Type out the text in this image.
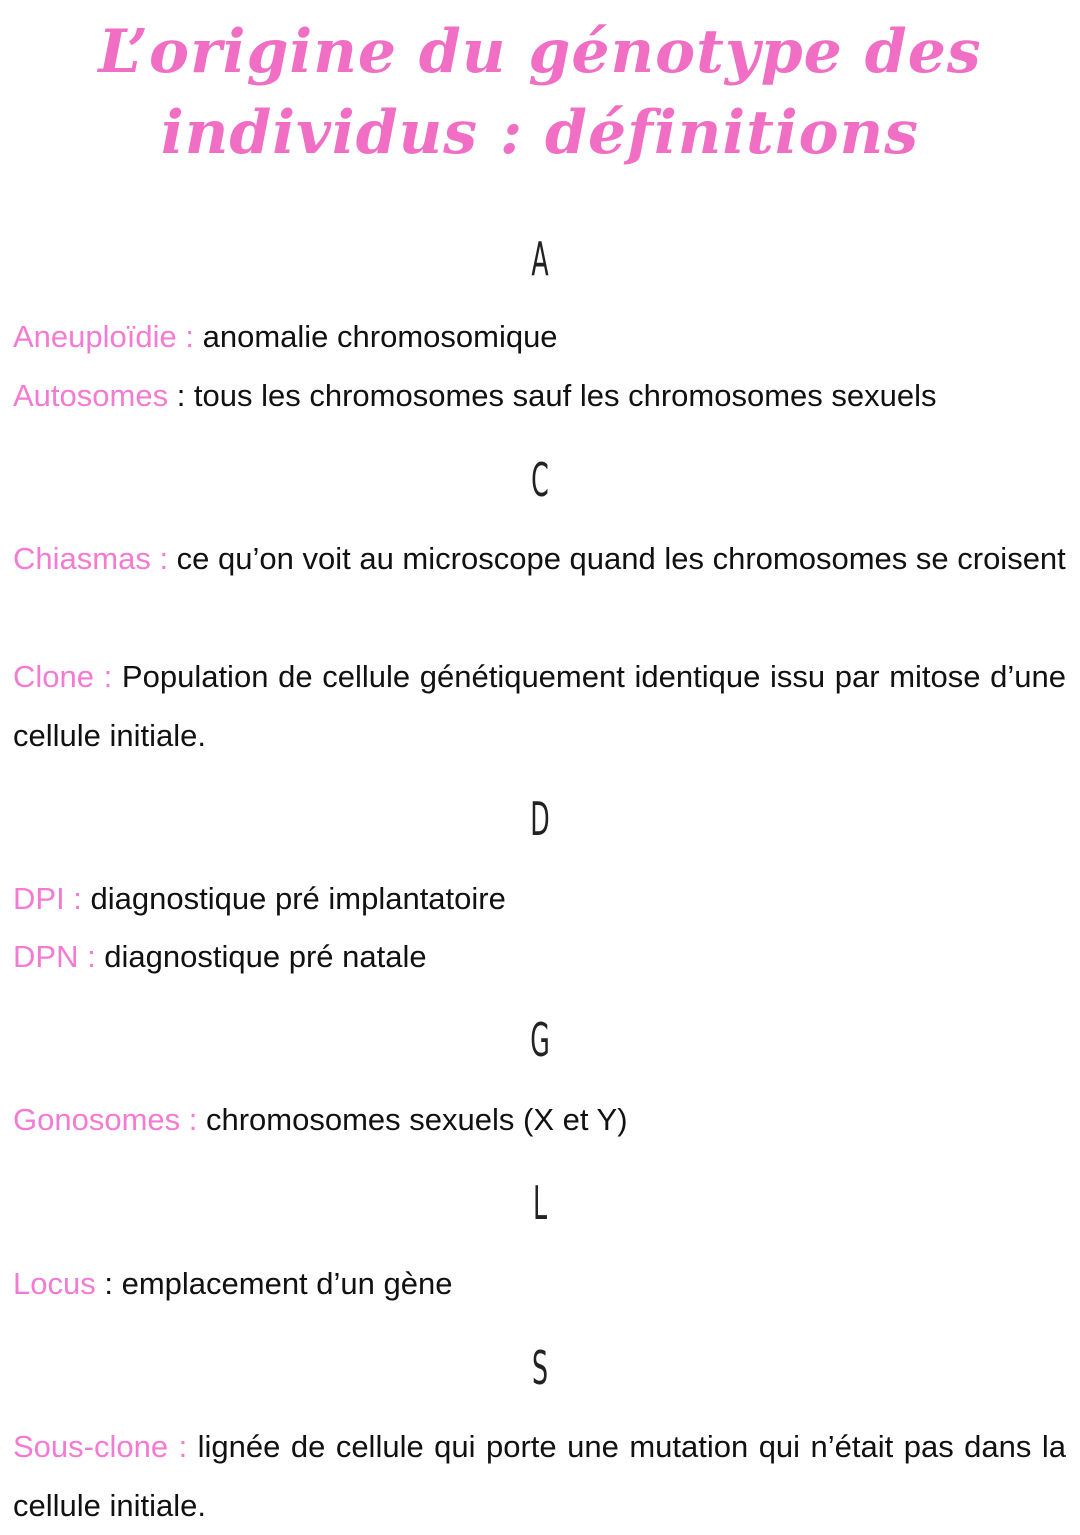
L’origine du génotype des
individus : définitions
A

Aneuploïdie : anomalie chromosomique

Autosomes : tous les chromosomes sauf les chromosomes sexuels

C

Chiasmas : ce qu’on voit au microscope quand les chromosomes se croisent

Clone : Population de cellule génétiquement identique issu par mitose d’une cellule initiale.

D

DPI : diagnostique pré implantatoire

DPN : diagnostique pré natale

G

Gonosomes : chromosomes sexuels (X et Y)

L

Locus : emplacement d’un gène

S

Sous-clone : lignée de cellule qui porte une mutation qui n’était pas dans la cellule initiale.
